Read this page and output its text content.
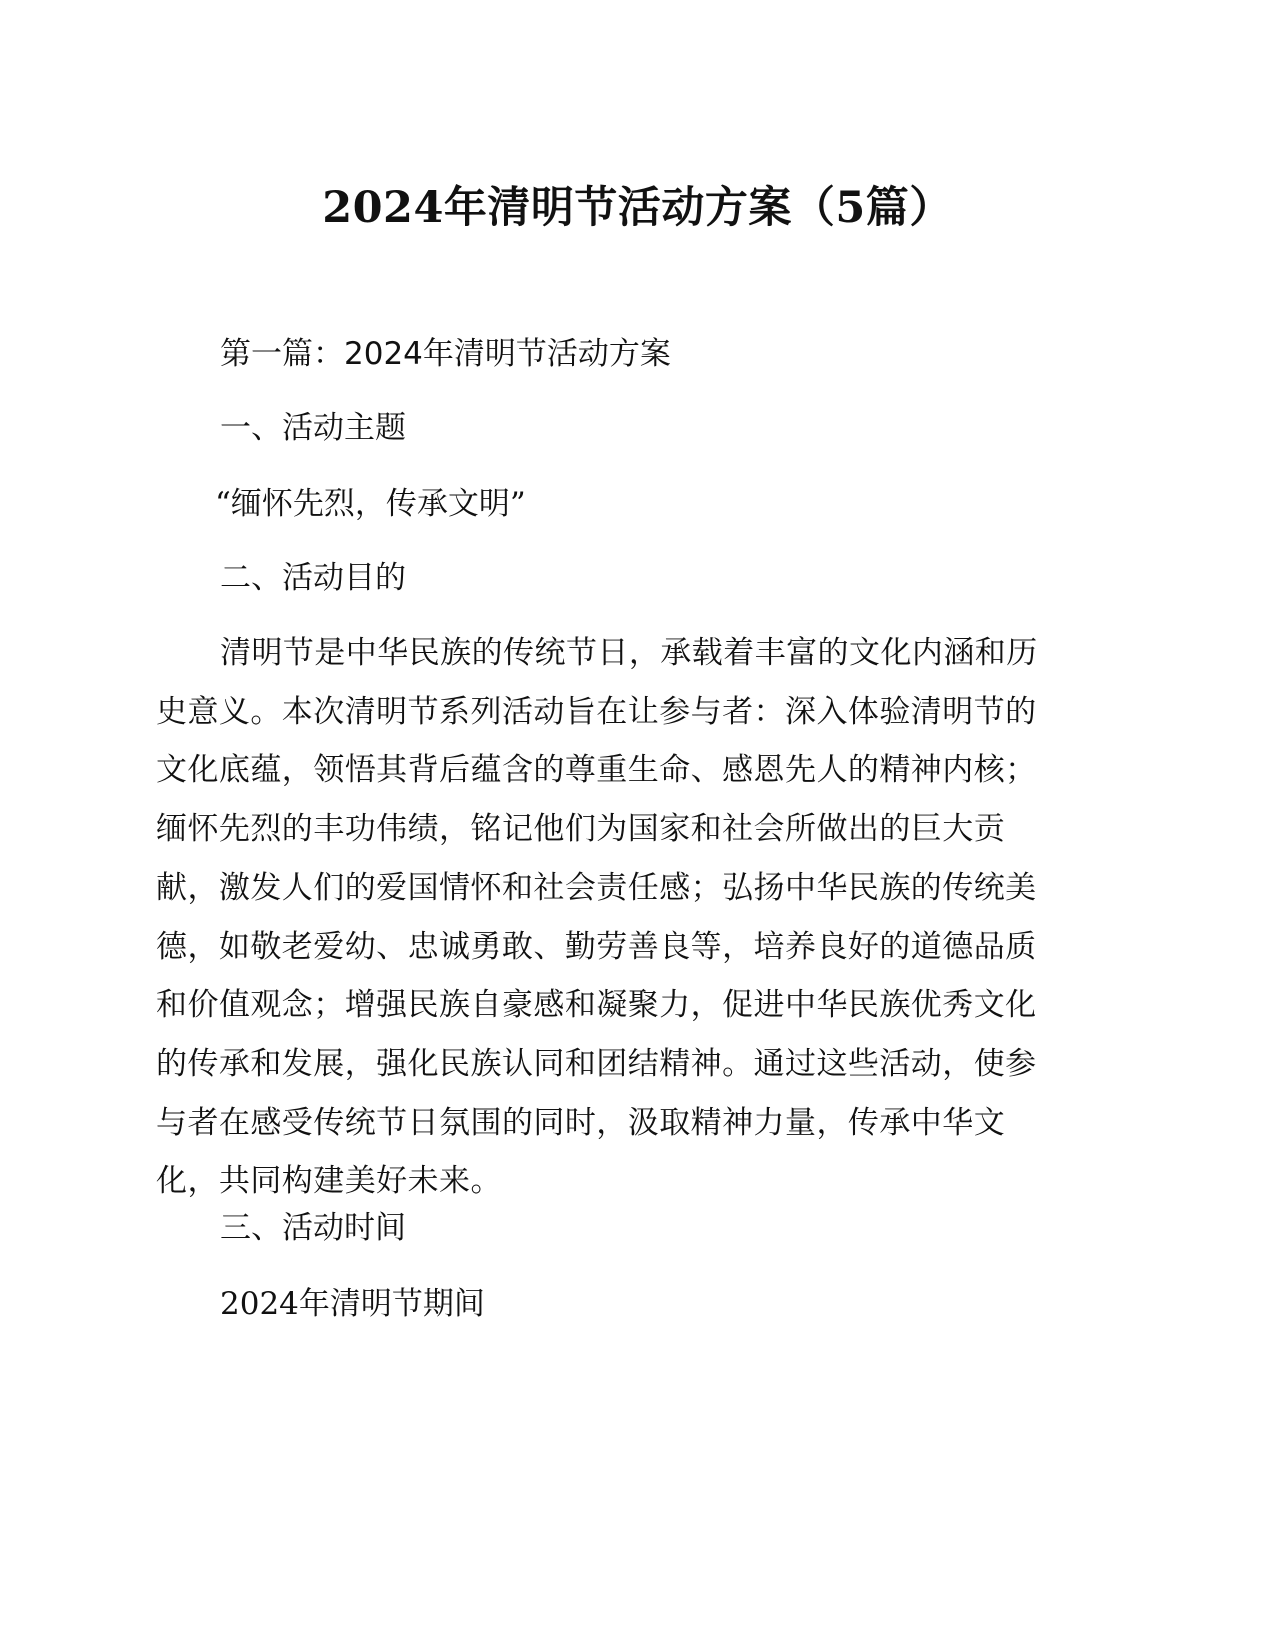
2024年清明节活动方案（5篇）
第一篇：2024年清明节活动方案
一、活动主题
“缅怀先烈，传承文明”
二、活动目的
清明节是中华民族的传统节日，承载着丰富的文化内涵和历
史意义。本次清明节系列活动旨在让参与者：深入体验清明节的
文化底蕴，领悟其背后蕴含的尊重生命、感恩先人的精神内核；
缅怀先烈的丰功伟绩，铭记他们为国家和社会所做出的巨大贡
献，激发人们的爱国情怀和社会责任感；弘扬中华民族的传统美
德，如敬老爱幼、忠诚勇敢、勤劳善良等，培养良好的道德品质
和价值观念；增强民族自豪感和凝聚力，促进中华民族优秀文化
的传承和发展，强化民族认同和团结精神。通过这些活动，使参
与者在感受传统节日氛围的同时，汲取精神力量，传承中华文
化，共同构建美好未来。
三、活动时间
2024年清明节期间
